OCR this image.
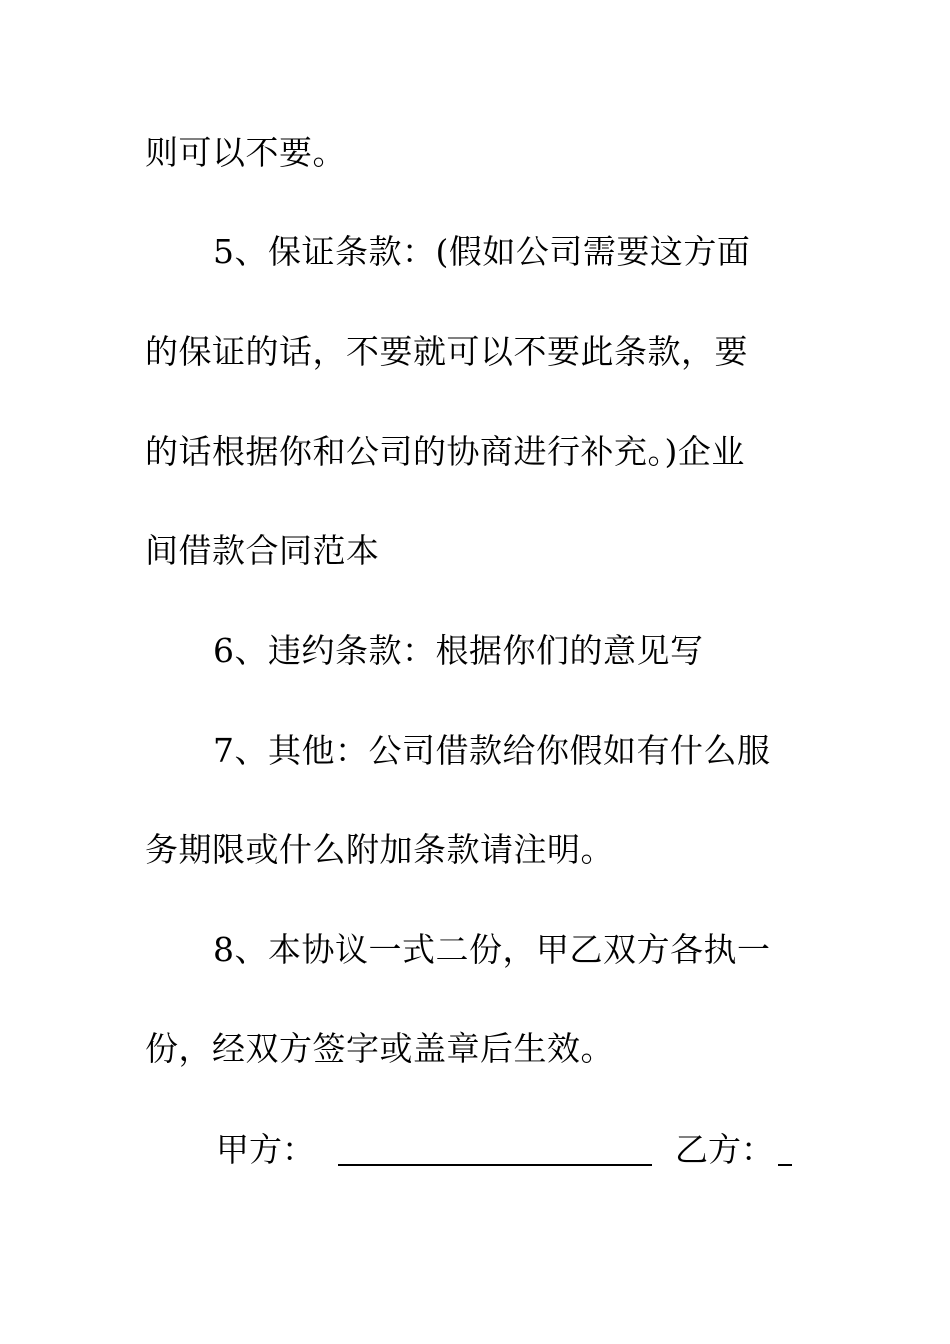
则可以不要。
5、保证条款：(假如公司需要这方面
的保证的话，不要就可以不要此条款，要
的话根据你和公司的协商进行补充。)企业
间借款合同范本
6、违约条款：根据你们的意见写
7、其他：公司借款给你假如有什么服
务期限或什么附加条款请注明。
8、本协议一式二份，甲乙双方各执一
份，经双方签字或盖章后生效。
甲方：	乙方：
